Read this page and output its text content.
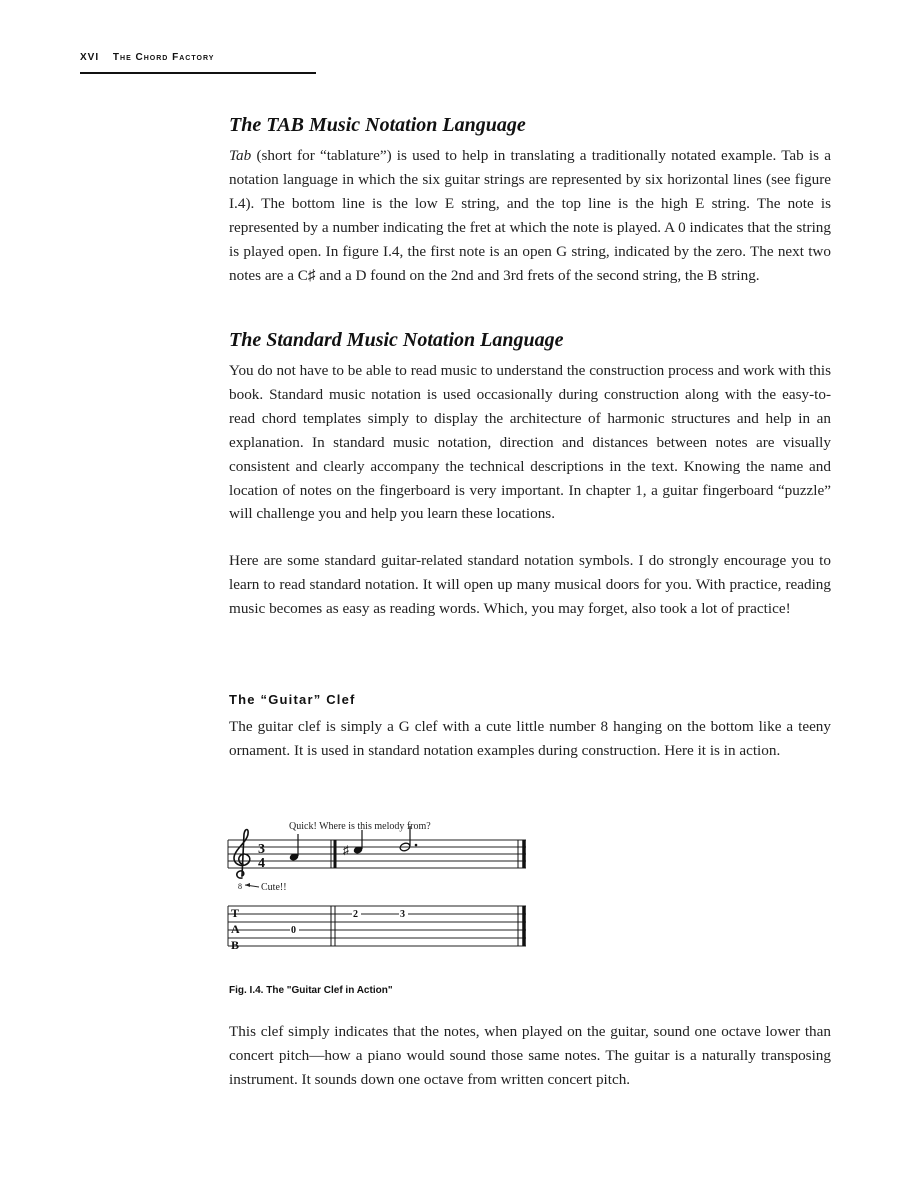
XVI The Chord Factory
The TAB Music Notation Language

Tab (short for “tablature”) is used to help in translating a traditionally notated example. Tab is a notation language in which the six guitar strings are represented by six horizontal lines (see figure I.4). The bottom line is the low E string, and the top line is the high E string. The note is represented by a number indicating the fret at which the note is played. A 0 indicates that the string is played open. In figure I.4, the first note is an open G string, indicated by the zero. The next two notes are a C♯ and a D found on the 2nd and 3rd frets of the second string, the B string.

The Standard Music Notation Language

You do not have to be able to read music to understand the construction process and work with this book. Standard music notation is used occasionally during construction along with the easy-to-read chord templates simply to display the architecture of harmonic structures and help in an explanation. In standard music notation, direction and distances between notes are visually consistent and clearly accompany the technical descriptions in the text. Knowing the name and location of notes on the fingerboard is very important. In chapter 1, a guitar fingerboard “puzzle” will challenge you and help you learn these locations.

Here are some standard guitar-related standard notation symbols. I do strongly encourage you to learn to read standard notation. It will open up many musical doors for you. With practice, reading music becomes as easy as reading words. Which, you may forget, also took a lot of practice!

The “Guitar” Clef

The guitar clef is simply a G clef with a cute little number 8 hanging on the bottom like a teeny ornament. It is used in standard notation examples during construction. Here it is in action.

Quick! Where is this melody from?
8 Cute!!
3
4
♯
T
A
B
0
2	3
Fig. I.4. The "Guitar Clef in Action"

This clef simply indicates that the notes, when played on the guitar, sound one octave lower than concert pitch—how a piano would sound those same notes. The guitar is a naturally transposing instrument. It sounds down one octave from written concert pitch.
